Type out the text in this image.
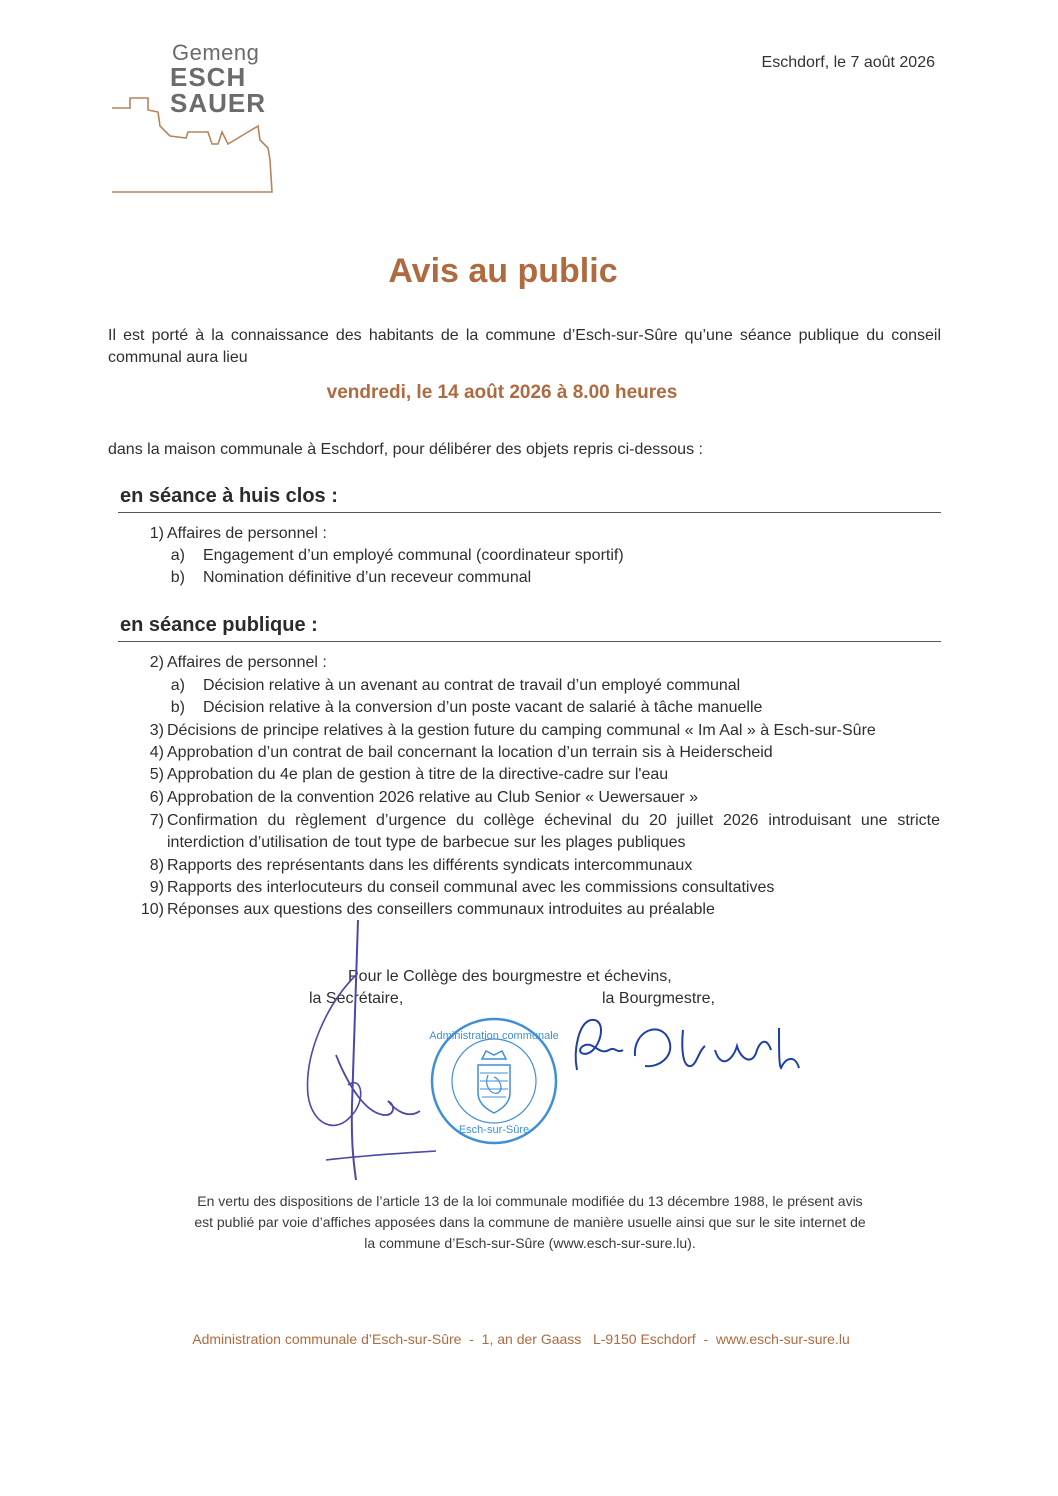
Gemeng
ESCH
SAUER
Eschdorf, le 7 août 2026
Avis au public
Il est porté à la connaissance des habitants de la commune d’Esch-sur-Sûre qu’une séance publique du conseil communal aura lieu
vendredi, le 14 août 2026 à 8.00 heures
dans la maison communale à Eschdorf, pour délibérer des objets repris ci-dessous :
en séance à huis clos :
1) Affaires de personnel :
a) Engagement d’un employé communal (coordinateur sportif)
b) Nomination définitive d’un receveur communal
en séance publique :
2) Affaires de personnel :
a) Décision relative à un avenant au contrat de travail d’un employé communal
b) Décision relative à la conversion d’un poste vacant de salarié à tâche manuelle
3) Décisions de principe relatives à la gestion future du camping communal « Im Aal » à Esch-sur-Sûre
4) Approbation d’un contrat de bail concernant la location d’un terrain sis à Heiderscheid
5) Approbation du 4e plan de gestion à titre de la directive-cadre sur l'eau
6) Approbation de la convention 2026 relative au Club Senior « Uewersauer »
7) Confirmation du règlement d’urgence du collège échevinal du 20 juillet 2026 introduisant une stricte
interdiction d’utilisation de tout type de barbecue sur les plages publiques
8) Rapports des représentants dans les différents syndicats intercommunaux
9) Rapports des interlocuteurs du conseil communal avec les commissions consultatives
10) Réponses aux questions des conseillers communaux introduites au préalable
Pour le Collège des bourgmestre et échevins,
la Secrétaire,	la Bourgmestre,
Administration communale
Esch-sur-Sûre
En vertu des dispositions de l’article 13 de la loi communale modifiée du 13 décembre 1988, le présent avis
est publié par voie d’affiches apposées dans la commune de manière usuelle ainsi que sur le site internet de
la commune d’Esch-sur-Sûre (www.esch-sur-sure.lu).
Administration communale d’Esch-sur-Sûre  -  1, an der Gaass   L-9150 Eschdorf  -  www.esch-sur-sure.lu
